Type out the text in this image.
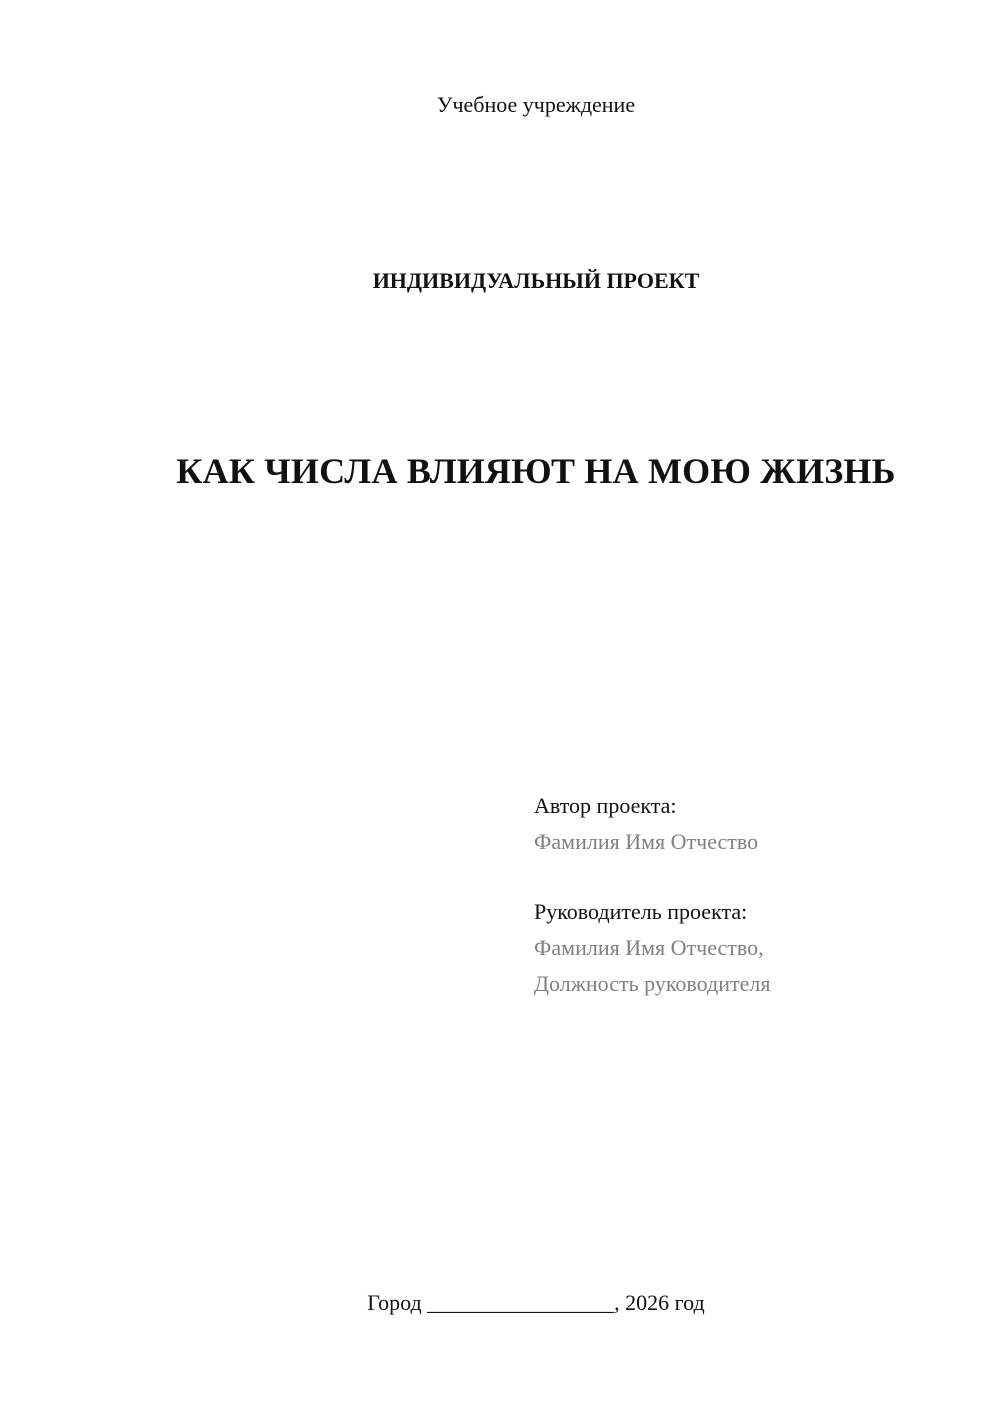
Учебное учреждение
ИНДИВИДУАЛЬНЫЙ ПРОЕКТ
КАК ЧИСЛА ВЛИЯЮТ НА МОЮ ЖИЗНЬ
Автор проекта:
Фамилия Имя Отчество
Руководитель проекта:
Фамилия Имя Отчество,
Должность руководителя
Город _________________, 2026 год
